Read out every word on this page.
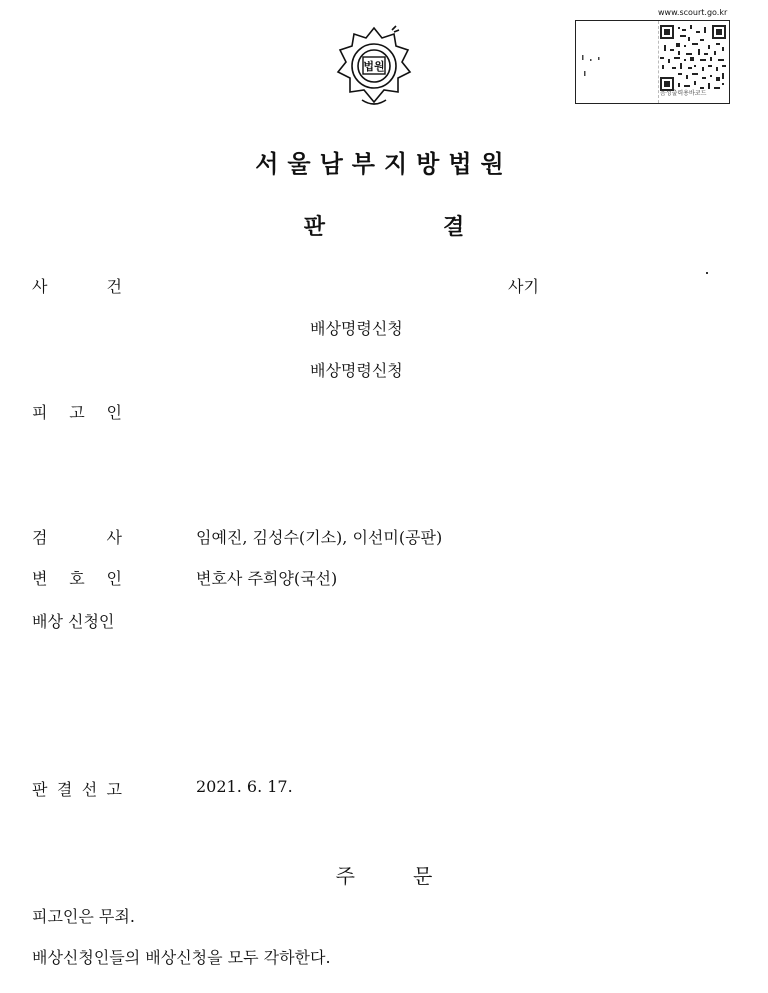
법원
www.scourt.go.kr
음성출력용바코드
서울남부지방법원
판	결
사	건	사기
배상명령신청
배상명령신청
피 고 인
검	사	임예진, 김성수(기소), 이선미(공판)
변 호 인	변호사 주희양(국선)
배상 신청인
판 결 선 고	2021. 6. 17.
주	문
피고인은 무죄.
배상신청인들의 배상신청을 모두 각하한다.
